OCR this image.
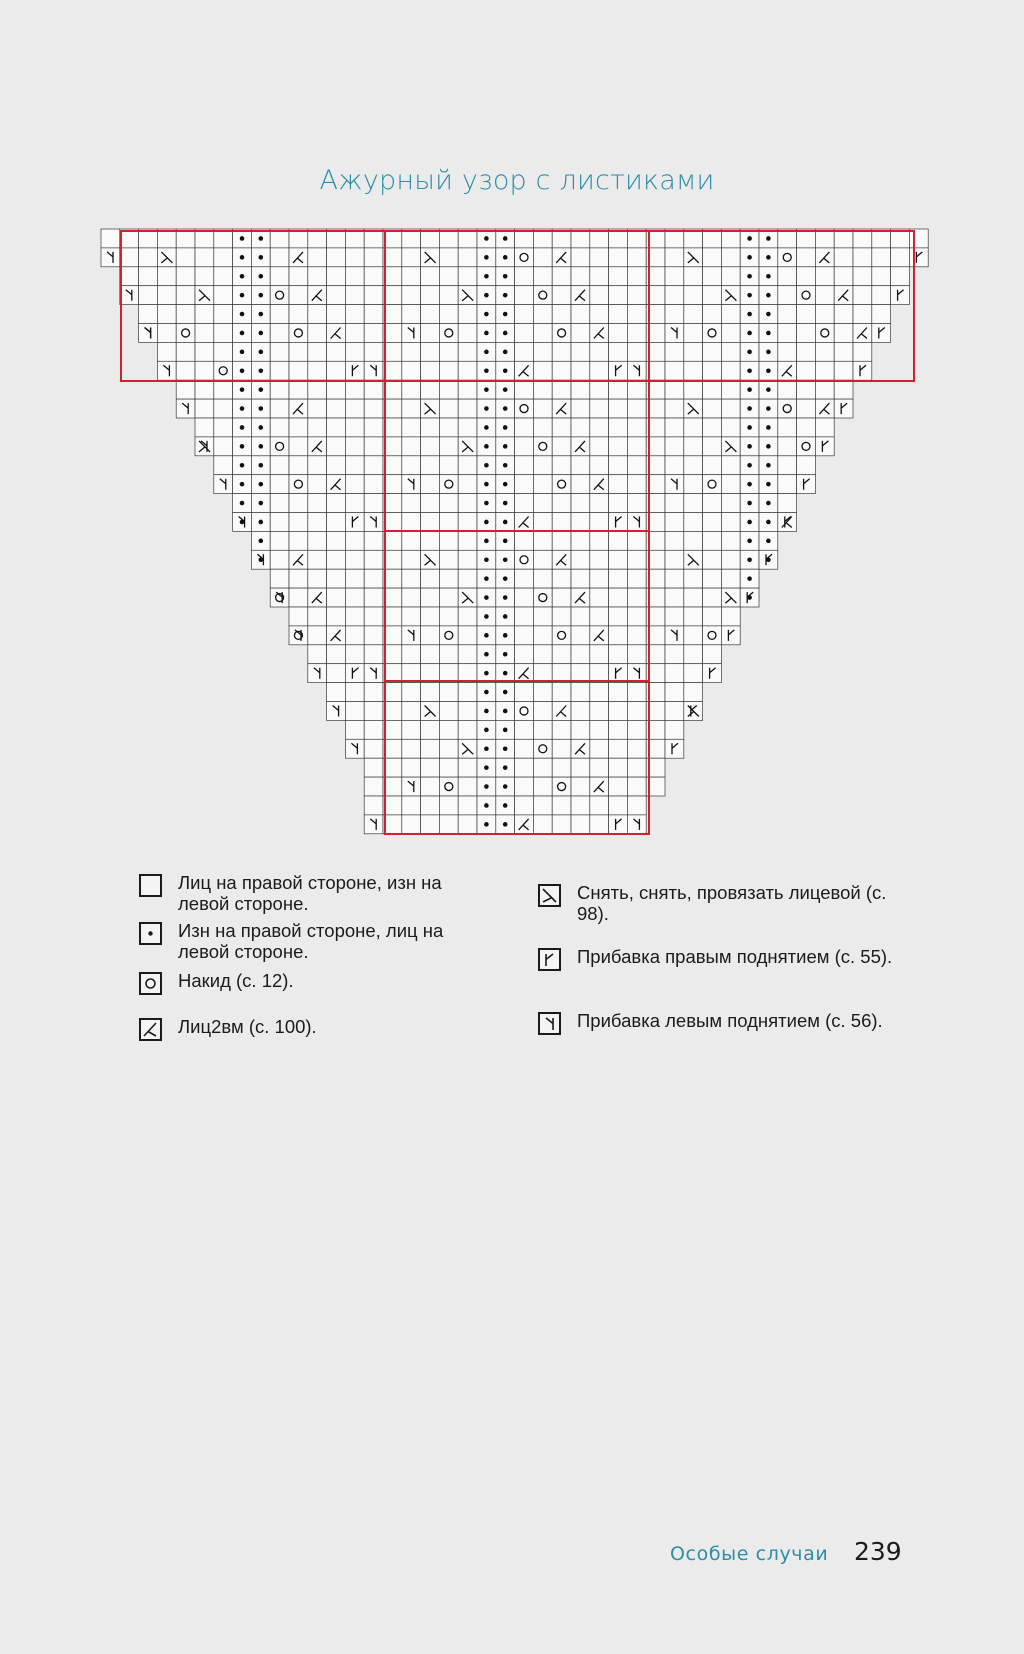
Ажурный узор с листиками
Лиц на правой стороне, изн на левой стороне.
Изн на правой стороне, лиц на левой стороне.
Накид (с. 12).
Лиц2вм (с. 100).
Снять, снять, провязать лицевой (с. 98).
Прибавка правым поднятием (с. 55).
Прибавка левым поднятием (с. 56).
Особые случаи 239
